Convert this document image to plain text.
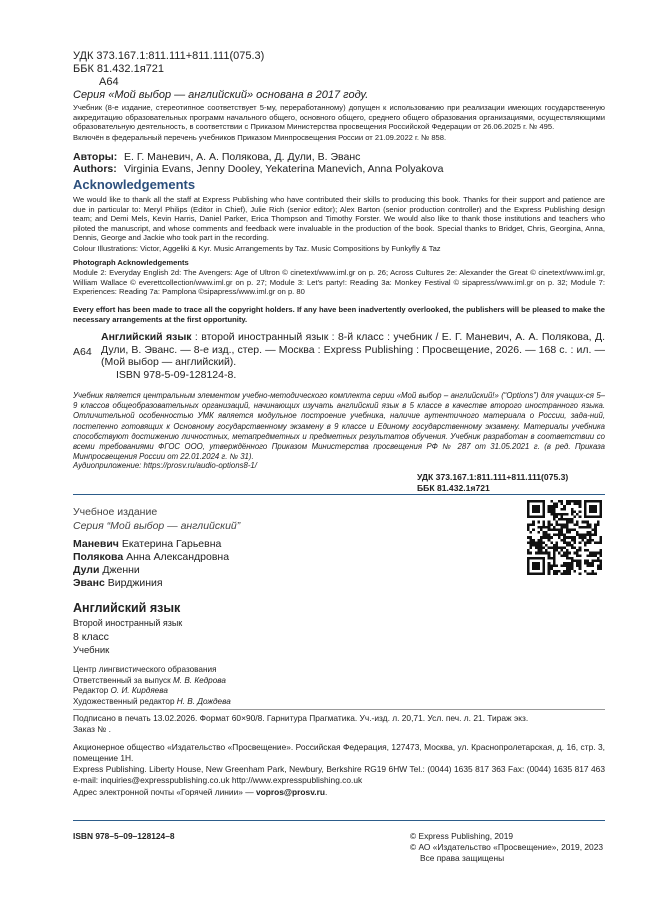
УДК 373.167.1:811.111+811.111(075.3)
ББК 81.432.1я721
А64
Серия «Мой выбор — английский» основана в 2017 году.
Учебник (8-е издание, стереотипное соответствует 5-му, переработанному) допущен к использованию при реализации имеющих государственную аккредитацию образовательных программ начального общего, основного общего, среднего общего образования организациями, осуществляющими образовательную деятельность, в соответствии с Приказом Министерства просвещения Российской Федерации от 26.06.2025 г. № 495.
Включён в федеральный перечень учебников Приказом Минпросвещения России от 21.09.2022 г. № 858.
Авторы: Е. Г. Маневич, А. А. Полякова, Д. Дули, В. Эванс
Authors: Virginia Evans, Jenny Dooley, Yekaterina Manevich, Anna Polyakova
Acknowledgements
We would like to thank all the staff at Express Publishing who have contributed their skills to producing this book. Thanks for their support and patience are due in particular to: Meryl Philips (Editor in Chief), Julie Rich (senior editor); Alex Barton (senior production controller) and the Express Publishing design team; and Demi Mels, Kevin Harris, Daniel Parker, Erica Thompson and Timothy Forster. We would also like to thank those institutions and teachers who piloted the manuscript, and whose comments and feedback were invaluable in the production of the book. Special thanks to Bridget, Chris, Georgina, Anna, Dennis, George and Jackie who took part in the recording.
Colour Illustrations: Victor, Aggeliki & Kyr. Music Arrangements by Taz. Music Compositions by Funkyfly & Taz
Photograph Acknowledgements
Module 2: Everyday English 2d: The Avengers: Age of Ultron © cinetext/www.iml.gr on p. 26; Across Cultures 2e: Alexander the Great © cinetext/www.iml.gr, William Wallace © everettcollection/www.iml.gr on p. 27; Module 3: Let's party!: Reading 3a: Monkey Festival © sipapress/www.iml.gr on p. 32; Module 7: Experiences: Reading 7a: Pamplona ©sipapress/www.iml.gr on p. 80
Every effort has been made to trace all the copyright holders. If any have been inadvertently overlooked, the publishers will be pleased to make the necessary arrangements at the first opportunity.
А64
Английский язык : второй иностранный язык : 8-й класс : учебник / Е. Г. Маневич, А. А. Полякова, Д. Дули, В. Эванс. — 8-е изд., стер. — Москва : Express Publishing : Просвещение, 2026. — 168 с. : ил. — (Мой выбор — английский).
ISBN 978-5-09-128124-8.
Учебник является центральным элементом учебно-методического комплекта серии «Мой выбор – английский!» (“Options”) для учащих-ся 5–9 классов общеобразовательных организаций, начинающих изучать английский язык в 5 классе в качестве второго иностранного языка. Отличительной особенностью УМК является модульное построение учебника, наличие аутентичного материала о России, зада-ний, постепенно готовящих к Основному государственному экзамену в 9 классе и Единому государственному экзамену. Материалы учебника способствуют достижению личностных, метапредметных и предметных результатов обучения. Учебник разработан в соответствии со всеми требованиями ФГОС ООО, утверждённого Приказом Министерства просвещения РФ № 287 от 31.05.2021 г. (в ред. Приказа Минпросвещения России от 22.01.2024 г. № 31).
Аудиоприложение: https://prosv.ru/audio-options8-1/
УДК 373.167.1:811.111+811.111(075.3)
ББК 81.432.1я721
Учебное издание
Серия “Мой выбор — английский”
Маневич Екатерина Гарьевна
Полякова Анна Александровна
Дули Дженни
Эванс Вирджиния
Английский язык
Второй иностранный язык
8 класс
Учебник
Центр лингвистического образования
Ответственный за выпуск М. В. Кедрова
Редактор О. И. Кирдяева
Художественный редактор Н. В. Дождева
Подписано в печать 13.02.2026. Формат 60×90/8. Гарнитура Прагматика. Уч.-изд. л. 20,71. Усл. печ. л. 21. Тираж экз.
Заказ № .
Акционерное общество «Издательство «Просвещение». Российская Федерация, 127473, Москва, ул. Краснопролетарская, д. 16, стр. 3, помещение 1Н.
Express Publishing. Liberty House, New Greenham Park, Newbury, Berkshire RG19 6HW Tel.: (0044) 1635 817 363 Fax: (0044) 1635 817 463 e-mail: inquiries@expresspublishing.co.uk http://www.expresspublishing.co.uk
Адрес электронной почты «Горячей линии» — vopros@prosv.ru.
ISBN 978–5–09–128124–8	© Express Publishing, 2019
© АО «Издательство «Просвещение», 2019, 2023
Все права защищены
